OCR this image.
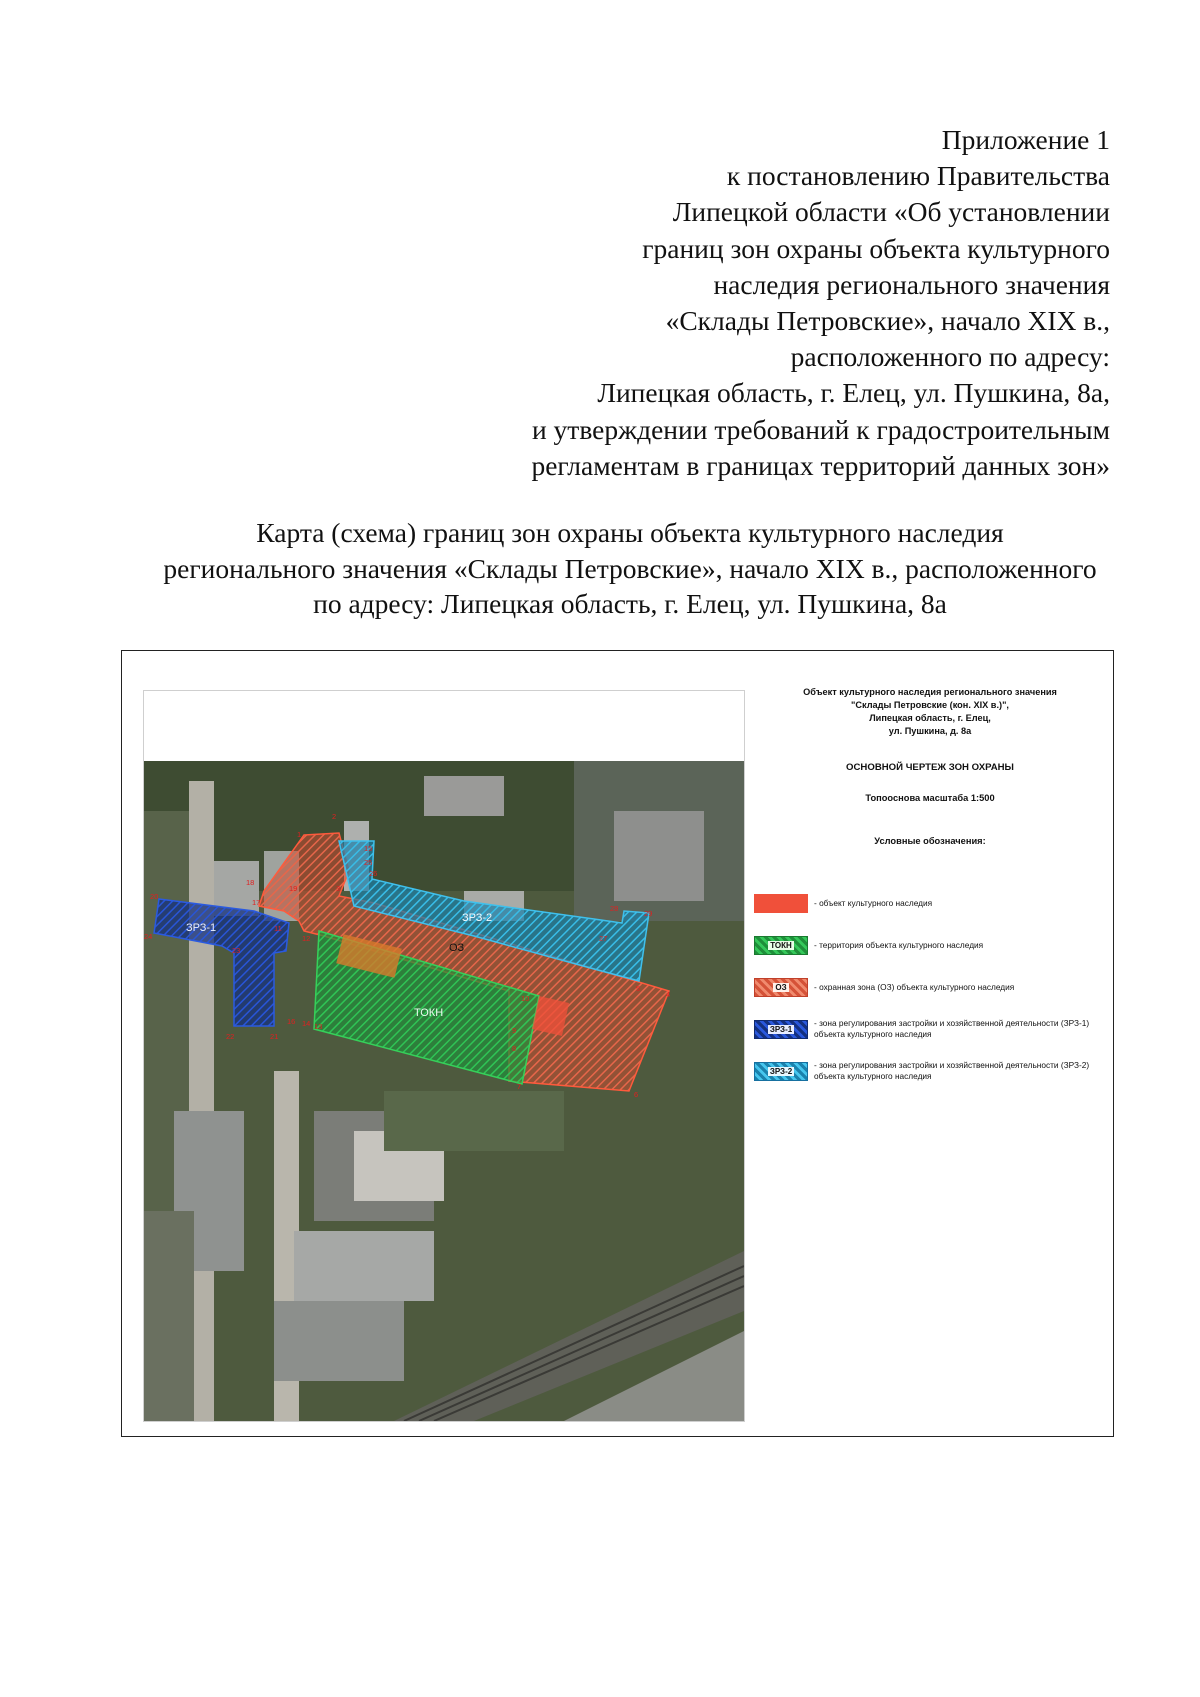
Приложение 1
к постановлению Правительства
Липецкой области «Об установлении
границ зон охраны объекта культурного
наследия регионального значения
«Склады Петровские», начало XIX в.,
расположенного по адресу:
Липецкая область, г. Елец, ул. Пушкина, 8а,
и утверждении требований к градостроительным
регламентам в границах территорий данных зон»
Карта (схема) границ зон охраны объекта культурного наследия
регионального значения «Склады Петровские», начало XIX в., расположенного
по адресу: Липецкая область, г. Елец, ул. Пушкина, 8а
ЗРЗ-1
ЗРЗ-2
ОЗ
ТОКН
1
3
5
4
6
7
8
9
10
13
14
15
16
17
18
19
20
21
22
23
24
25
26
27
28
29
12
11
2
Объект культурного наследия регионального значения
"Склады Петровские (кон. XIX в.)",
Липецкая область, г. Елец,
ул. Пушкина, д. 8а
ОСНОВНОЙ ЧЕРТЕЖ ЗОН ОХРАНЫ
Топооснова масштаба 1:500
Условные обозначения:
- объект культурного наследия
ТОКН	- территория объекта культурного наследия
ОЗ	- охранная зона (ОЗ) объекта культурного наследия
ЗРЗ-1
- зона регулирования застройки и хозяйственной деятельности (ЗРЗ-1) объекта культурного наследия
ЗРЗ-2
- зона регулирования застройки и хозяйственной деятельности (ЗРЗ-2) объекта культурного наследия
